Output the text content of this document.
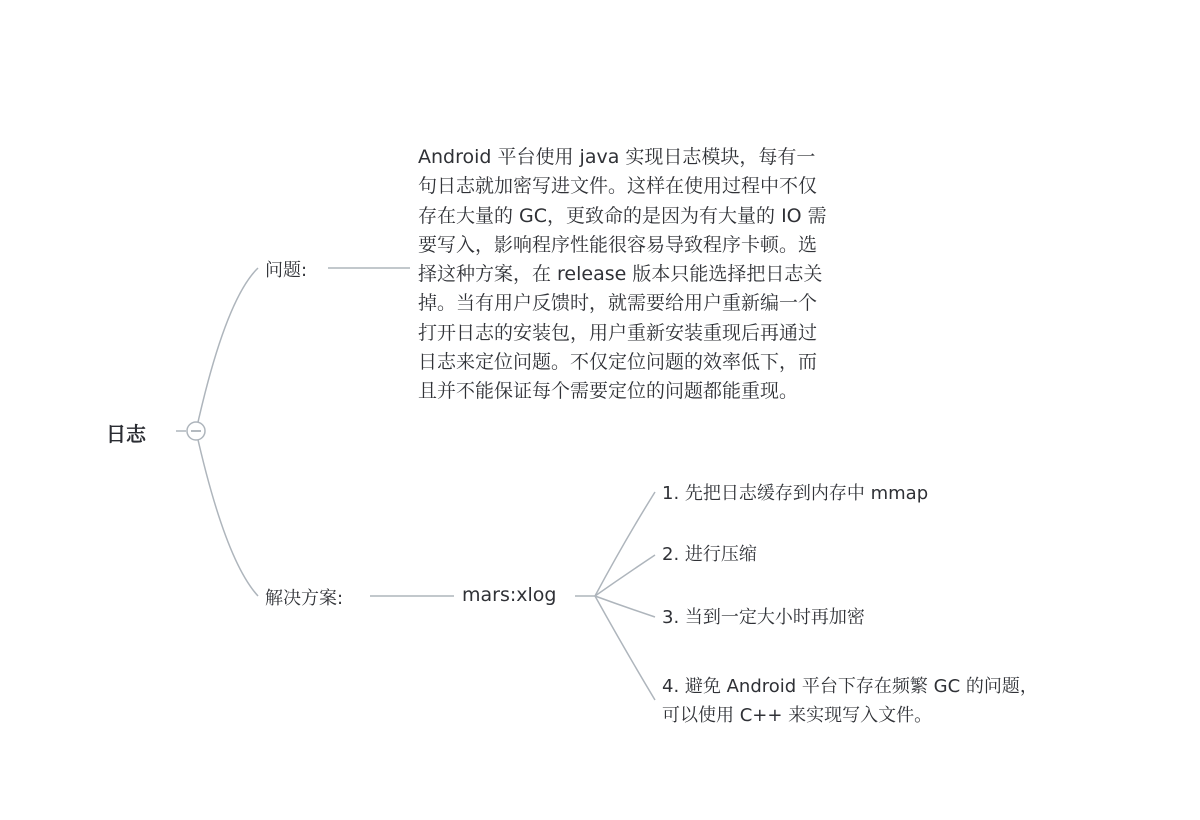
日志
问题:
Android 平台使用 java 实现日志模块，每有一
句日志就加密写进文件。这样在使用过程中不仅
存在大量的 GC，更致命的是因为有大量的 IO 需
要写入，影响程序性能很容易导致程序卡顿。选
择这种方案，在 release 版本只能选择把日志关
掉。当有用户反馈时，就需要给用户重新编一个
打开日志的安装包，用户重新安装重现后再通过
日志来定位问题。不仅定位问题的效率低下，而
且并不能保证每个需要定位的问题都能重现。
解决方案:	mars:xlog
1. 先把日志缓存到内存中 mmap
2. 进行压缩
3. 当到一定大小时再加密
4. 避免 Android 平台下存在频繁 GC 的问题，
可以使用 C++ 来实现写入文件。
